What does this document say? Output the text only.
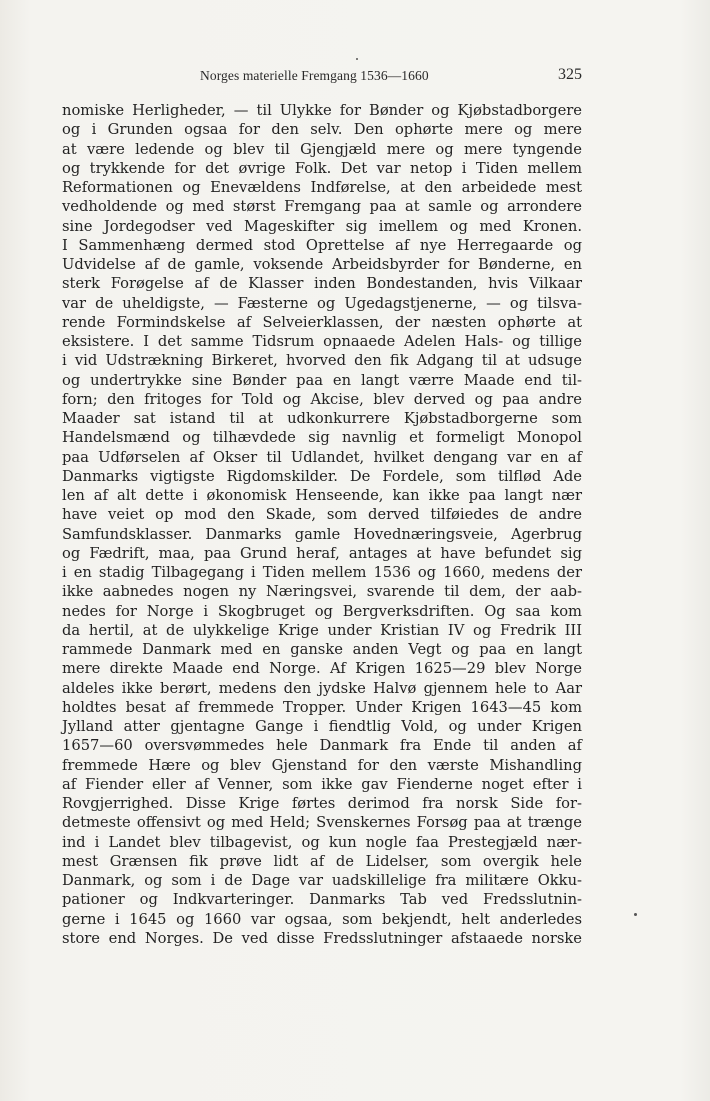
Norges materielle Fremgang 1536—1660	325
nomiske Herligheder, — til Ulykke for Bønder og Kjøbstadborgere
og i Grunden ogsaa for den selv. Den ophørte mere og mere
at være ledende og blev til Gjengjæld mere og mere tyngende
og trykkende for det øvrige Folk. Det var netop i Tiden mellem
Reformationen og Enevældens Indførelse, at den arbeidede mest
vedholdende og med størst Fremgang paa at samle og arrondere
sine Jordegodser ved Mageskifter sig imellem og med Kronen.
I Sammenhæng dermed stod Oprettelse af nye Herregaarde og
Udvidelse af de gamle, voksende Arbeidsbyrder for Bønderne, en
sterk Forøgelse af de Klasser inden Bondestanden, hvis Vilkaar
var de uheldigste, — Fæsterne og Ugedagstjenerne, — og tilsva-
rende Formindskelse af Selveierklassen, der næsten ophørte at
eksistere. I det samme Tidsrum opnaaede Adelen Hals- og tillige
i vid Udstrækning Birkeret, hvorved den fik Adgang til at udsuge
og undertrykke sine Bønder paa en langt værre Maade end til-
forn; den fritoges for Told og Akcise, blev derved og paa andre
Maader sat istand til at udkonkurrere Kjøbstadborgerne som
Handelsmænd og tilhævdede sig navnlig et formeligt Monopol
paa Udførselen af Okser til Udlandet, hvilket dengang var en af
Danmarks vigtigste Rigdomskilder. De Fordele, som tilflød Ade
len af alt dette i økonomisk Henseende, kan ikke paa langt nær
have veiet op mod den Skade, som derved tilføiedes de andre
Samfundsklasser. Danmarks gamle Hovednæringsveie, Agerbrug
og Fædrift, maa, paa Grund heraf, antages at have befundet sig
i en stadig Tilbagegang i Tiden mellem 1536 og 1660, medens der
ikke aabnedes nogen ny Næringsvei, svarende til dem, der aab-
nedes for Norge i Skogbruget og Bergverksdriften. Og saa kom
da hertil, at de ulykkelige Krige under Kristian IV og Fredrik III
rammede Danmark med en ganske anden Vegt og paa en langt
mere direkte Maade end Norge. Af Krigen 1625—29 blev Norge
aldeles ikke berørt, medens den jydske Halvø gjennem hele to Aar
holdtes besat af fremmede Tropper. Under Krigen 1643—45 kom
Jylland atter gjentagne Gange i fiendtlig Vold, og under Krigen
1657—60 oversvømmedes hele Danmark fra Ende til anden af
fremmede Hære og blev Gjenstand for den værste Mishandling
af Fiender eller af Venner, som ikke gav Fienderne noget efter i
Rovgjerrighed. Disse Krige førtes derimod fra norsk Side for-
detmeste offensivt og med Held; Svenskernes Forsøg paa at trænge
ind i Landet blev tilbagevist, og kun nogle faa Prestegjæld nær-
mest Grænsen fik prøve lidt af de Lidelser, som overgik hele
Danmark, og som i de Dage var uadskillelige fra militære Okku-
pationer og Indkvarteringer. Danmarks Tab ved Fredsslutnin-
gerne i 1645 og 1660 var ogsaa, som bekjendt, helt anderledes
store end Norges. De ved disse Fredsslutninger afstaaede norske
